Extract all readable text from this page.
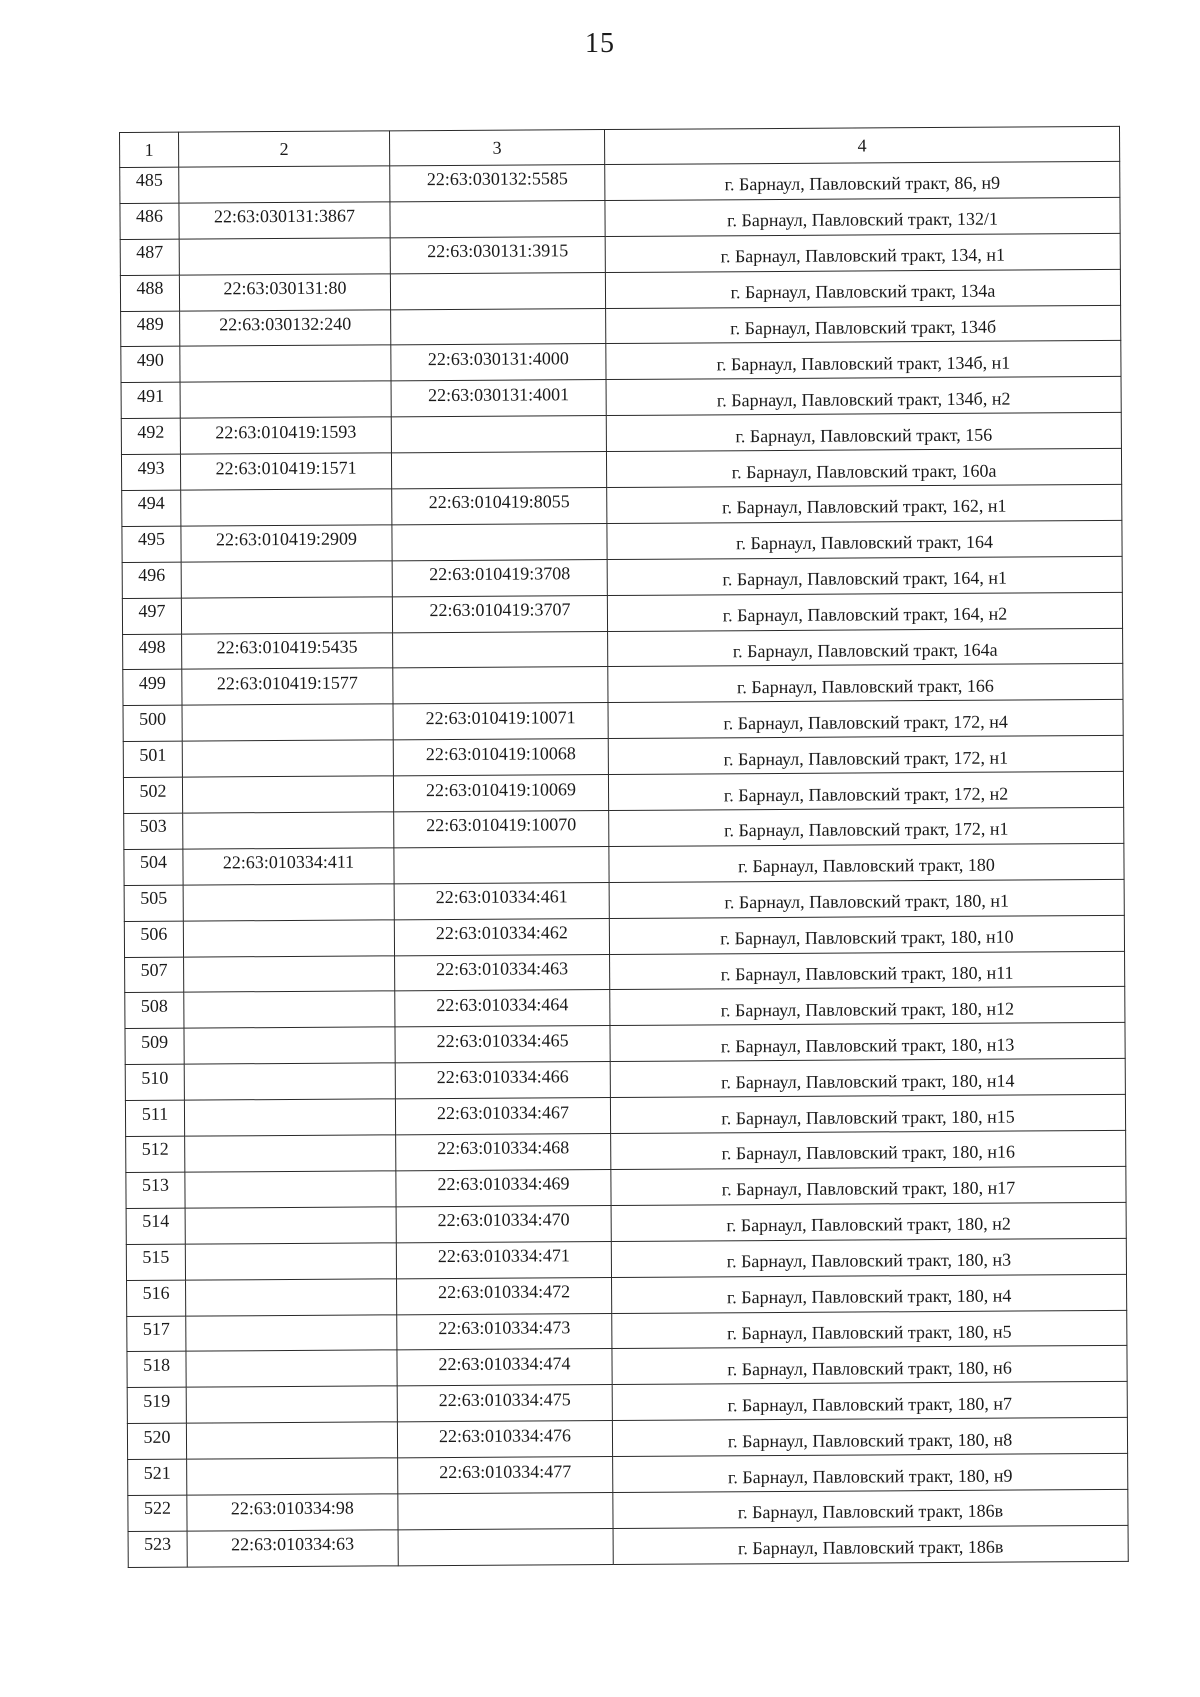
15
1	2	3	4
485		22:63:030132:5585	г. Барнаул, Павловский тракт, 86, н9
486	22:63:030131:3867		г. Барнаул, Павловский тракт, 132/1
487		22:63:030131:3915	г. Барнаул, Павловский тракт, 134, н1
488	22:63:030131:80		г. Барнаул, Павловский тракт, 134а
489	22:63:030132:240		г. Барнаул, Павловский тракт, 134б
490		22:63:030131:4000	г. Барнаул, Павловский тракт, 134б, н1
491		22:63:030131:4001	г. Барнаул, Павловский тракт, 134б, н2
492	22:63:010419:1593		г. Барнаул, Павловский тракт, 156
493	22:63:010419:1571		г. Барнаул, Павловский тракт, 160а
494		22:63:010419:8055	г. Барнаул, Павловский тракт, 162, н1
495	22:63:010419:2909		г. Барнаул, Павловский тракт, 164
496		22:63:010419:3708	г. Барнаул, Павловский тракт, 164, н1
497		22:63:010419:3707	г. Барнаул, Павловский тракт, 164, н2
498	22:63:010419:5435		г. Барнаул, Павловский тракт, 164а
499	22:63:010419:1577		г. Барнаул, Павловский тракт, 166
500		22:63:010419:10071	г. Барнаул, Павловский тракт, 172, н4
501		22:63:010419:10068	г. Барнаул, Павловский тракт, 172, н1
502		22:63:010419:10069	г. Барнаул, Павловский тракт, 172, н2
503		22:63:010419:10070	г. Барнаул, Павловский тракт, 172, н1
504	22:63:010334:411		г. Барнаул, Павловский тракт, 180
505		22:63:010334:461	г. Барнаул, Павловский тракт, 180, н1
506		22:63:010334:462	г. Барнаул, Павловский тракт, 180, н10
507		22:63:010334:463	г. Барнаул, Павловский тракт, 180, н11
508		22:63:010334:464	г. Барнаул, Павловский тракт, 180, н12
509		22:63:010334:465	г. Барнаул, Павловский тракт, 180, н13
510		22:63:010334:466	г. Барнаул, Павловский тракт, 180, н14
511		22:63:010334:467	г. Барнаул, Павловский тракт, 180, н15
512		22:63:010334:468	г. Барнаул, Павловский тракт, 180, н16
513		22:63:010334:469	г. Барнаул, Павловский тракт, 180, н17
514		22:63:010334:470	г. Барнаул, Павловский тракт, 180, н2
515		22:63:010334:471	г. Барнаул, Павловский тракт, 180, н3
516		22:63:010334:472	г. Барнаул, Павловский тракт, 180, н4
517		22:63:010334:473	г. Барнаул, Павловский тракт, 180, н5
518		22:63:010334:474	г. Барнаул, Павловский тракт, 180, н6
519		22:63:010334:475	г. Барнаул, Павловский тракт, 180, н7
520		22:63:010334:476	г. Барнаул, Павловский тракт, 180, н8
521		22:63:010334:477	г. Барнаул, Павловский тракт, 180, н9
522	22:63:010334:98		г. Барнаул, Павловский тракт, 186в
523	22:63:010334:63		г. Барнаул, Павловский тракт, 186в
